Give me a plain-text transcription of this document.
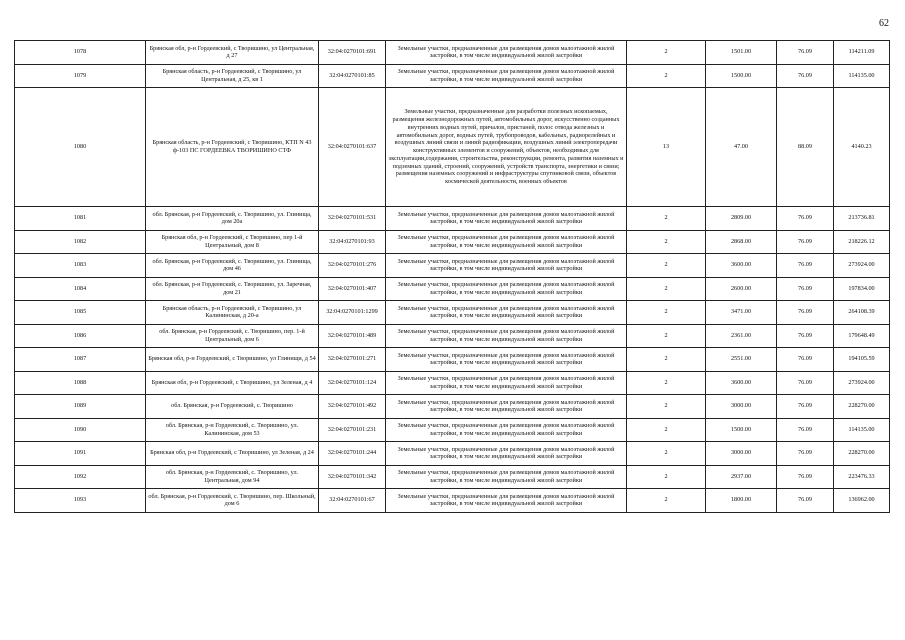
62
1078	Брянская обл, р-н Гордеевский, с Творишино, ул Центральная, д 27	32:04:0270101:691	Земельные участки, предназначенные для размещения домов малоэтажной жилой застройки, в том числе индивидуальной жилой застройки	2	1501.00	76.09	114211.09
1079	Брянская область, р-н Гордеевский, с Творишино, ул Центральная, д 25, кв 1	32:04:0270101:85	Земельные участки, предназначенные для размещения домов малоэтажной жилой застройки, в том числе индивидуальной жилой застройки	2	1500.00	76.09	114135.00
1080	Брянская область, р-н Гордеевский, с Творишино, КТП N 43 ф-103 ПС ГОРДЕЕВКА ТВОРИШИНО СТФ	32:04:0270101:637	Земельные участки, предназначенные для разработки полезных ископаемых, размещения железнодорожных путей, автомобильных дорог, искусственно созданных внутренних водных путей, причалов, пристаней, полос отвода железных и автомобильных дорог, водных путей, трубопроводов, кабельных, радиорелейных и воздушных линий связи и линий радиофикации, воздушных линий электропередачи конструктивных элементов и сооружений, объектов, необходимых для эксплуатации,содержания, строительства, реконструкции, ремонта, развития наземных и подземных зданий, строений, сооружений, устройств транспорта, энергетики и связи; размещения наземных сооружений и инфраструктуры спутниковой связи, объектов космической деятельности, военных объектов	13	47.00	88.09	4140.23
1081	обл. Брянская, р-н Гордеевский, с. Творишино, ул. Глинища, дом 20а	32:04:0270101:531	Земельные участки, предназначенные для размещения домов малоэтажной жилой застройки, в том числе индивидуальной жилой застройки	2	2809.00	76.09	213736.81
1082	Брянская обл, р-н Гордеевский, с Творишино, пер 1-й Центральный, дом 8	32:04:0270101:93	Земельные участки, предназначенные для размещения домов малоэтажной жилой застройки, в том числе индивидуальной жилой застройки	2	2868.00	76.09	218226.12
1083	обл. Брянская, р-н Гордеевский, с. Творишино, ул. Глинища, дом 46	32:04:0270101:276	Земельные участки, предназначенные для размещения домов малоэтажной жилой застройки, в том числе индивидуальной жилой застройки	2	3600.00	76.09	273924.00
1084	обл. Брянская, р-н Гордеевский, с. Творишино, ул. Заречная, дом 21	32:04:0270101:407	Земельные участки, предназначенные для размещения домов малоэтажной жилой застройки, в том числе индивидуальной жилой застройки	2	2600.00	76.09	197834.00
1085	Брянская область, р-н Гордеевский, с Творишино, ул Калининская, д 20-а	32:04:0270101:1299	Земельные участки, предназначенные для размещения домов малоэтажной жилой застройки, в том числе индивидуальной жилой застройки	2	3471.00	76.09	264108.39
1086	обл. Брянская, р-н Гордеевский, с. Творишино, пер. 1-й Центральный, дом 6	32:04:0270101:489	Земельные участки, предназначенные для размещения домов малоэтажной жилой застройки, в том числе индивидуальной жилой застройки	2	2361.00	76.09	179648.49
1087	Брянская обл, р-н Гордеевский, с Творишино, ул Глинищи, д 54	32:04:0270101:271	Земельные участки, предназначенные для размещения домов малоэтажной жилой застройки, в том числе индивидуальной жилой застройки	2	2551.00	76.09	194105.59
1088	Брянская обл, р-н Гордеевский, с Творишино, ул Зеленая, д 4	32:04:0270101:124	Земельные участки, предназначенные для размещения домов малоэтажной жилой застройки, в том числе индивидуальной жилой застройки	2	3600.00	76.09	273924.00
1089	обл. Брянская, р-н Гордеевский, с. Творишино	32:04:0270101:492	Земельные участки, предназначенные для размещения домов малоэтажной жилой застройки, в том числе индивидуальной жилой застройки	2	3000.00	76.09	228270.00
1090	обл. Брянская, р-н Гордеевский, с. Творишино, ул. Калининская, дом 53	32:04:0270101:231	Земельные участки, предназначенные для размещения домов малоэтажной жилой застройки, в том числе индивидуальной жилой застройки	2	1500.00	76.09	114135.00
1091	Брянская обл, р-н Гордеевский, с Творишино, ул Зеленая, д 24	32:04:0270101:244	Земельные участки, предназначенные для размещения домов малоэтажной жилой застройки, в том числе индивидуальной жилой застройки	2	3000.00	76.09	228270.00
1092	обл. Брянская, р-н Гордеевский, с. Творишино, ул. Центральная, дом 94	32:04:0270101:342	Земельные участки, предназначенные для размещения домов малоэтажной жилой застройки, в том числе индивидуальной жилой застройки	2	2937.00	76.09	223476.33
1093	обл. Брянская, р-н Гордеевский, с. Творишино, пер. Школьный, дом 6	32:04:0270101:67	Земельные участки, предназначенные для размещения домов малоэтажной жилой застройки, в том числе индивидуальной жилой застройки	2	1800.00	76.09	136962.00
